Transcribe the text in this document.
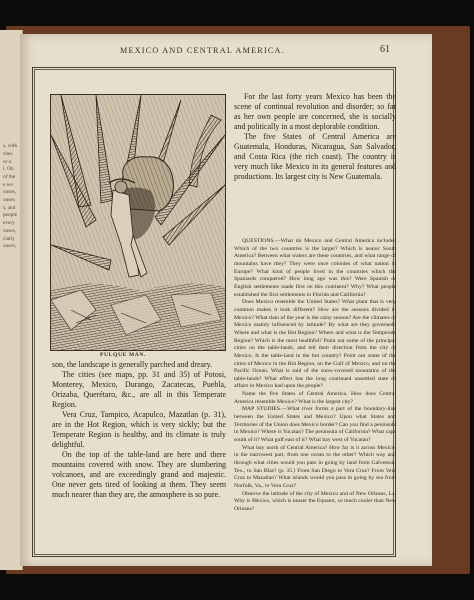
s, with
ches
or a
l. On
of the
e we
ouses,
ouses
s, and
people
every
ouses,
cially
ouses,
MEXICO AND CENTRAL AMERICA.	61
PULQUE MAN.

For the last forty years Mexico has been the scene of continual revolution and disorder; so far as her own people are concerned, she is socially and politically in a most deplorable condition.

The five States of Central America are Guatemala, Honduras, Nicaragua, San Salvador, and Costa Rica (the rich coast). The country is very much like Mexico in its general features and productions. Its largest city is New Guatemala.

QUESTIONS.—What do Mexico and Central America include? Which of the two countries is the larger? Which is nearer South America? Between what waters are these countries, and what range of mountains have they? They were once colonies of what nation in Europe? What kind of people lived in the countries which the Spaniards conquered? How long ago was this? Were Spanish or English settlements made first on this continent? Why? What people established the first settlements in Florida and California?

Does Mexico resemble the United States? What plant that is very common makes it look different? How are the seasons divided in Mexico? What than of the year is the rainy season? Are the climates of Mexico mainly influenced by latitude? By what are they governed? Where and what is the Hot Region? Where and what is the Temperate Region? Which is the most healthful? Point out some of the principal cities on the table-lands, and tell their direction from the city of Mexico. Is the table-land in the hot country? Point out some of the cities of Mexico in the Hot Region, on the Gulf of Mexico, and on the Pacific Ocean. What is said of the snow-covered mountains of the table-lands? What effect has the long continued unsettled state of affairs in Mexico had upon the people?

Name the five States of Central America. How does Central America resemble Mexico? What is the largest city?

MAP STUDIES.—What river forms a part of the boundary-line between the United States and Mexico? Upon what States and Territories of the Union does Mexico border? Can you find a peninsula in Mexico? Where is Yucatan? The peninsula of California? What cape south of it? What gulf east of it? What bay west of Yucatan?

What bay north of Central America? How far is it across Mexico, in the narrowest part, from one ocean to the other? Which way and through what cities would you pass in going by land from Galveston, Tex., to San Blas? (p. 35.) From San Diego to Vera Cruz? From Vera Cruz to Mazatlan? What islands would you pass in going by sea from Norfolk, Va., to Vera Cruz?

Observe the latitude of the city of Mexico and of New Orleans, La. Why is Mexico, which is nearer the Equator, so much cooler than New Orleans?

son, the landscape is generally parched and dreary.

The cities (see maps, pp. 31 and 35) of Potosi, Monterey, Mexico, Durango, Zacatecas, Puebla, Orizaba, Querétaro, &c., are all in this Temperate Region.

Vera Cruz, Tampico, Acapulco, Mazatlan (p. 31), are in the Hot Region, which is very sickly; but the Temperate Region is healthy, and its climate is truly delightful.

On the top of the table-land are here and there mountains covered with snow. They are slumbering volcanoes, and are exceedingly grand and majestic. One never gets tired of looking at them. They seem much nearer than they are, the atmosphere is so pure.
